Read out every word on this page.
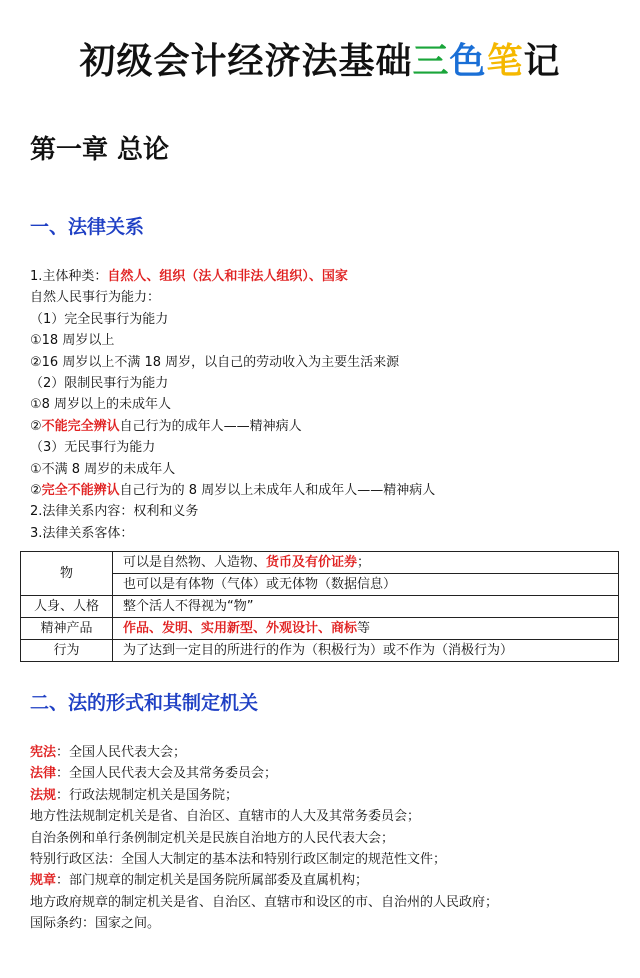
初级会计经济法基础三色笔记
第一章 总论
一、法律关系
1.主体种类：自然人、组织（法人和非法人组织）、国家
自然人民事行为能力：
（1）完全民事行为能力
①18 周岁以上
②16 周岁以上不满 18 周岁，以自己的劳动收入为主要生活来源
（2）限制民事行为能力
①8 周岁以上的未成年人
②不能完全辨认自己行为的成年人——精神病人
（3）无民事行为能力
①不满 8 周岁的未成年人
②完全不能辨认自己行为的 8 周岁以上未成年人和成年人——精神病人
2.法律关系内容：权利和义务
3.法律关系客体：
物	可以是自然物、人造物、货币及有价证券；
	也可以是有体物（气体）或无体物（数据信息）
人身、人格	整个活人不得视为“物”
精神产品	作品、发明、实用新型、外观设计、商标等
行为	为了达到一定目的所进行的作为（积极行为）或不作为（消极行为）
二、法的形式和其制定机关
宪法：全国人民代表大会；
法律：全国人民代表大会及其常务委员会；
法规：行政法规制定机关是国务院；
地方性法规制定机关是省、自治区、直辖市的人大及其常务委员会；
自治条例和单行条例制定机关是民族自治地方的人民代表大会；
特别行政区法：全国人大制定的基本法和特别行政区制定的规范性文件；
规章：部门规章的制定机关是国务院所属部委及直属机构；
地方政府规章的制定机关是省、自治区、直辖市和设区的市、自治州的人民政府；
国际条约：国家之间。
